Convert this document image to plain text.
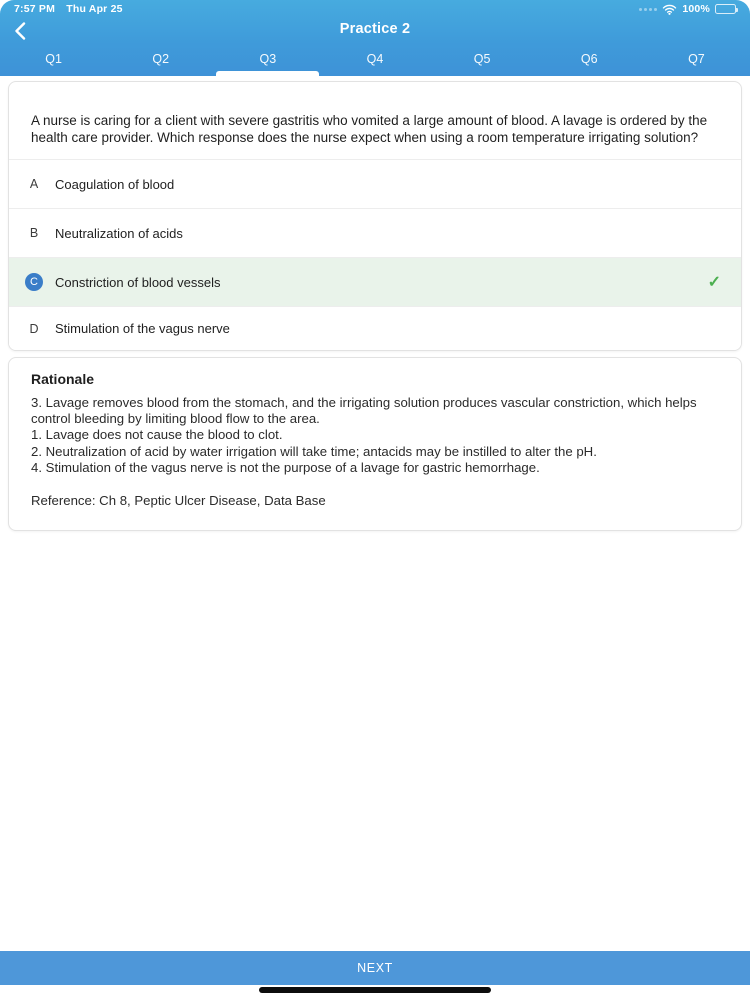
7:57 PM Thu Apr 25	100%
Practice 2
Q1	Q2	Q3	Q4	Q5	Q6	Q7
A nurse is caring for a client with severe gastritis who vomited a large amount of blood. A lavage is ordered by the health care provider. Which response does the nurse expect when using a room temperature irrigating solution?
A	Coagulation of blood
B	Neutralization of acids
C	Constriction of blood vessels	✓
D	Stimulation of the vagus nerve
Rationale
3. Lavage removes blood from the stomach, and the irrigating solution produces vascular constriction, which helps control bleeding by limiting blood flow to the area.
1. Lavage does not cause the blood to clot.
2. Neutralization of acid by water irrigation will take time; antacids may be instilled to alter the pH.
4. Stimulation of the vagus nerve is not the purpose of a lavage for gastric hemorrhage.
Reference: Ch 8, Peptic Ulcer Disease, Data Base
NEXT
